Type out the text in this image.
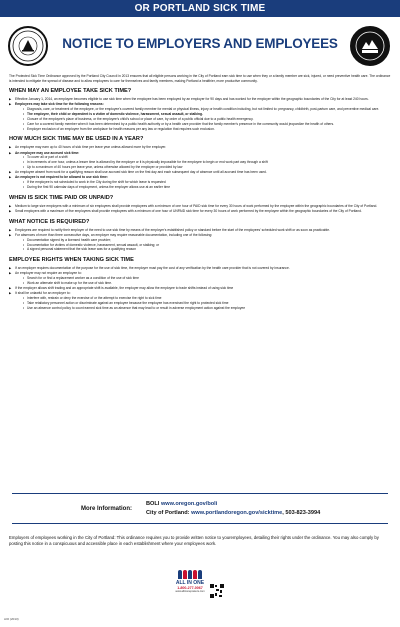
OR PORTLAND SICK TIME
NOTICE TO EMPLOYERS AND EMPLOYEES

The Protected Sick Time Ordinance approved by the Portland City Council in 2013 ensures that all eligible persons working in the City of Portland earn sick time to use when they or a family member are sick, injured, or need preventive health care. The ordinance is intended to mitigate the spread of disease and to allow employees to care for themselves and family members, making Portland a healthier, more productive community.

WHEN MAY AN EMPLOYEE TAKE SICK TIME?
▶ Effective January 1, 2014, an employee becomes eligible to use sick time when the employee has been employed by an employer for 90 days and has worked for the employer within the geographic boundaries of the City for at least 240 hours.
▶ Employees may take sick time for the following reasons:
• Diagnosis, care, or treatment of the employee, or the employee's covered family member for mental or physical illness, injury or health condition including, but not limited to: pregnancy, childbirth, post-partum care, and preventive medical care.
• The employee, their child or dependent is a victim of domestic violence, harassment, sexual assault, or stalking.
• Closure of the employee's place of business, or the employee's child's school or place of care, by order of a public official due to a public health emergency.
• Care for a covered family member when it has been determined by a public health authority or by a health care provider that the family member's presence in the community would jeopardize the health of others.
• Employer exclusion of an employee from the workplace for health reasons per any law or regulation that requires such exclusion.
HOW MUCH SICK TIME MAY BE USED IN A YEAR?
▶ An employee may earn up to 40 hours of sick time per leave year unless allowed more by the employer.
▶ An employee may use accrued sick time:
• To cover all or part of a shift
• In increments of one hour, unless a lesser time is allowed by the employer or it is physically impossible for the employee to begin or end work part way through a shift
• Up to a maximum of 40 hours per leave year, unless otherwise allowed by the employer or provided by law
▶ An employee absent from work for a qualifying reason shall use accrued sick time on the first day and each subsequent day of absence until all accrued time has been used.
▶ An employee is not required to be allowed to use sick time:
• If the employee is not scheduled to work in the City during the shift for which leave is requested
• During the first 90 calendar days of employment, unless the employer allows use at an earlier time
WHEN IS SICK TIME PAID OR UNPAID?
▶ Medium to large size employers with a minimum of six employees shall provide employees with a minimum of one hour of PAID sick time for every 30 hours of work performed by the employee within the geographic boundaries of the City of Portland.
▶ Small employers with a maximum of five employees shall provide employees with a minimum of one hour of UNPAID sick time for every 30 hours of work performed by the employee within the geographic boundaries of the City of Portland.
WHAT NOTICE IS REQUIRED?
▶ Employees are required to notify their employer of the need to use sick time by means of the employer's established policy or standard before the start of the employees' scheduled work shift or as soon as practicable.
▶ For absences of more than three consecutive days, an employer may require reasonable documentation, including one of the following:
• Documentation signed by a licensed health care provider;
• Documentation for victims of domestic violence, harassment, sexual assault, or stalking; or
• A signed personal statement that the sick leave was for a qualifying reason
EMPLOYEE RIGHTS WHEN TAKING SICK TIME
▶ If an employer requires documentation of the purpose for the use of sick time, the employer must pay the cost of any verification by the health care provider that is not covered by insurance.
▶ An employer may not require an employee to:
• Search for or find a replacement worker as a condition of the use of sick time
• Work an alternate shift to make up for the use of sick time.
▶ If the employer allows shift trading and an appropriate shift is available, the employer may allow the employee to trade shifts instead of using sick time
▶ It shall be unlawful for an employer to:
• Interfere with, restrain or deny the exercise of or the attempt to exercise the right to sick time
• Take retaliatory personnel action or discriminate against an employee because the employee has exercised the right to protected sick time
• Use an absence control policy to count earned sick time as an absence that may lead to or result in adverse employment action against the employee
More Information:
BOLI www.oregon.gov/boli
City of Portland: www.portlandoregon.gov/sicktime, 503-823-3994

Employers of employees working in the City of Portland: This ordinance requires you to provide written notice to youremployees, detailing their rights under the ordinance. You may also comply by posting this notice in a conspicuous and accessible place in each establishment where your employees work.

ALL IN ONE
1-800-277-0067
www.allinoneposters.com
AIO (2013)
